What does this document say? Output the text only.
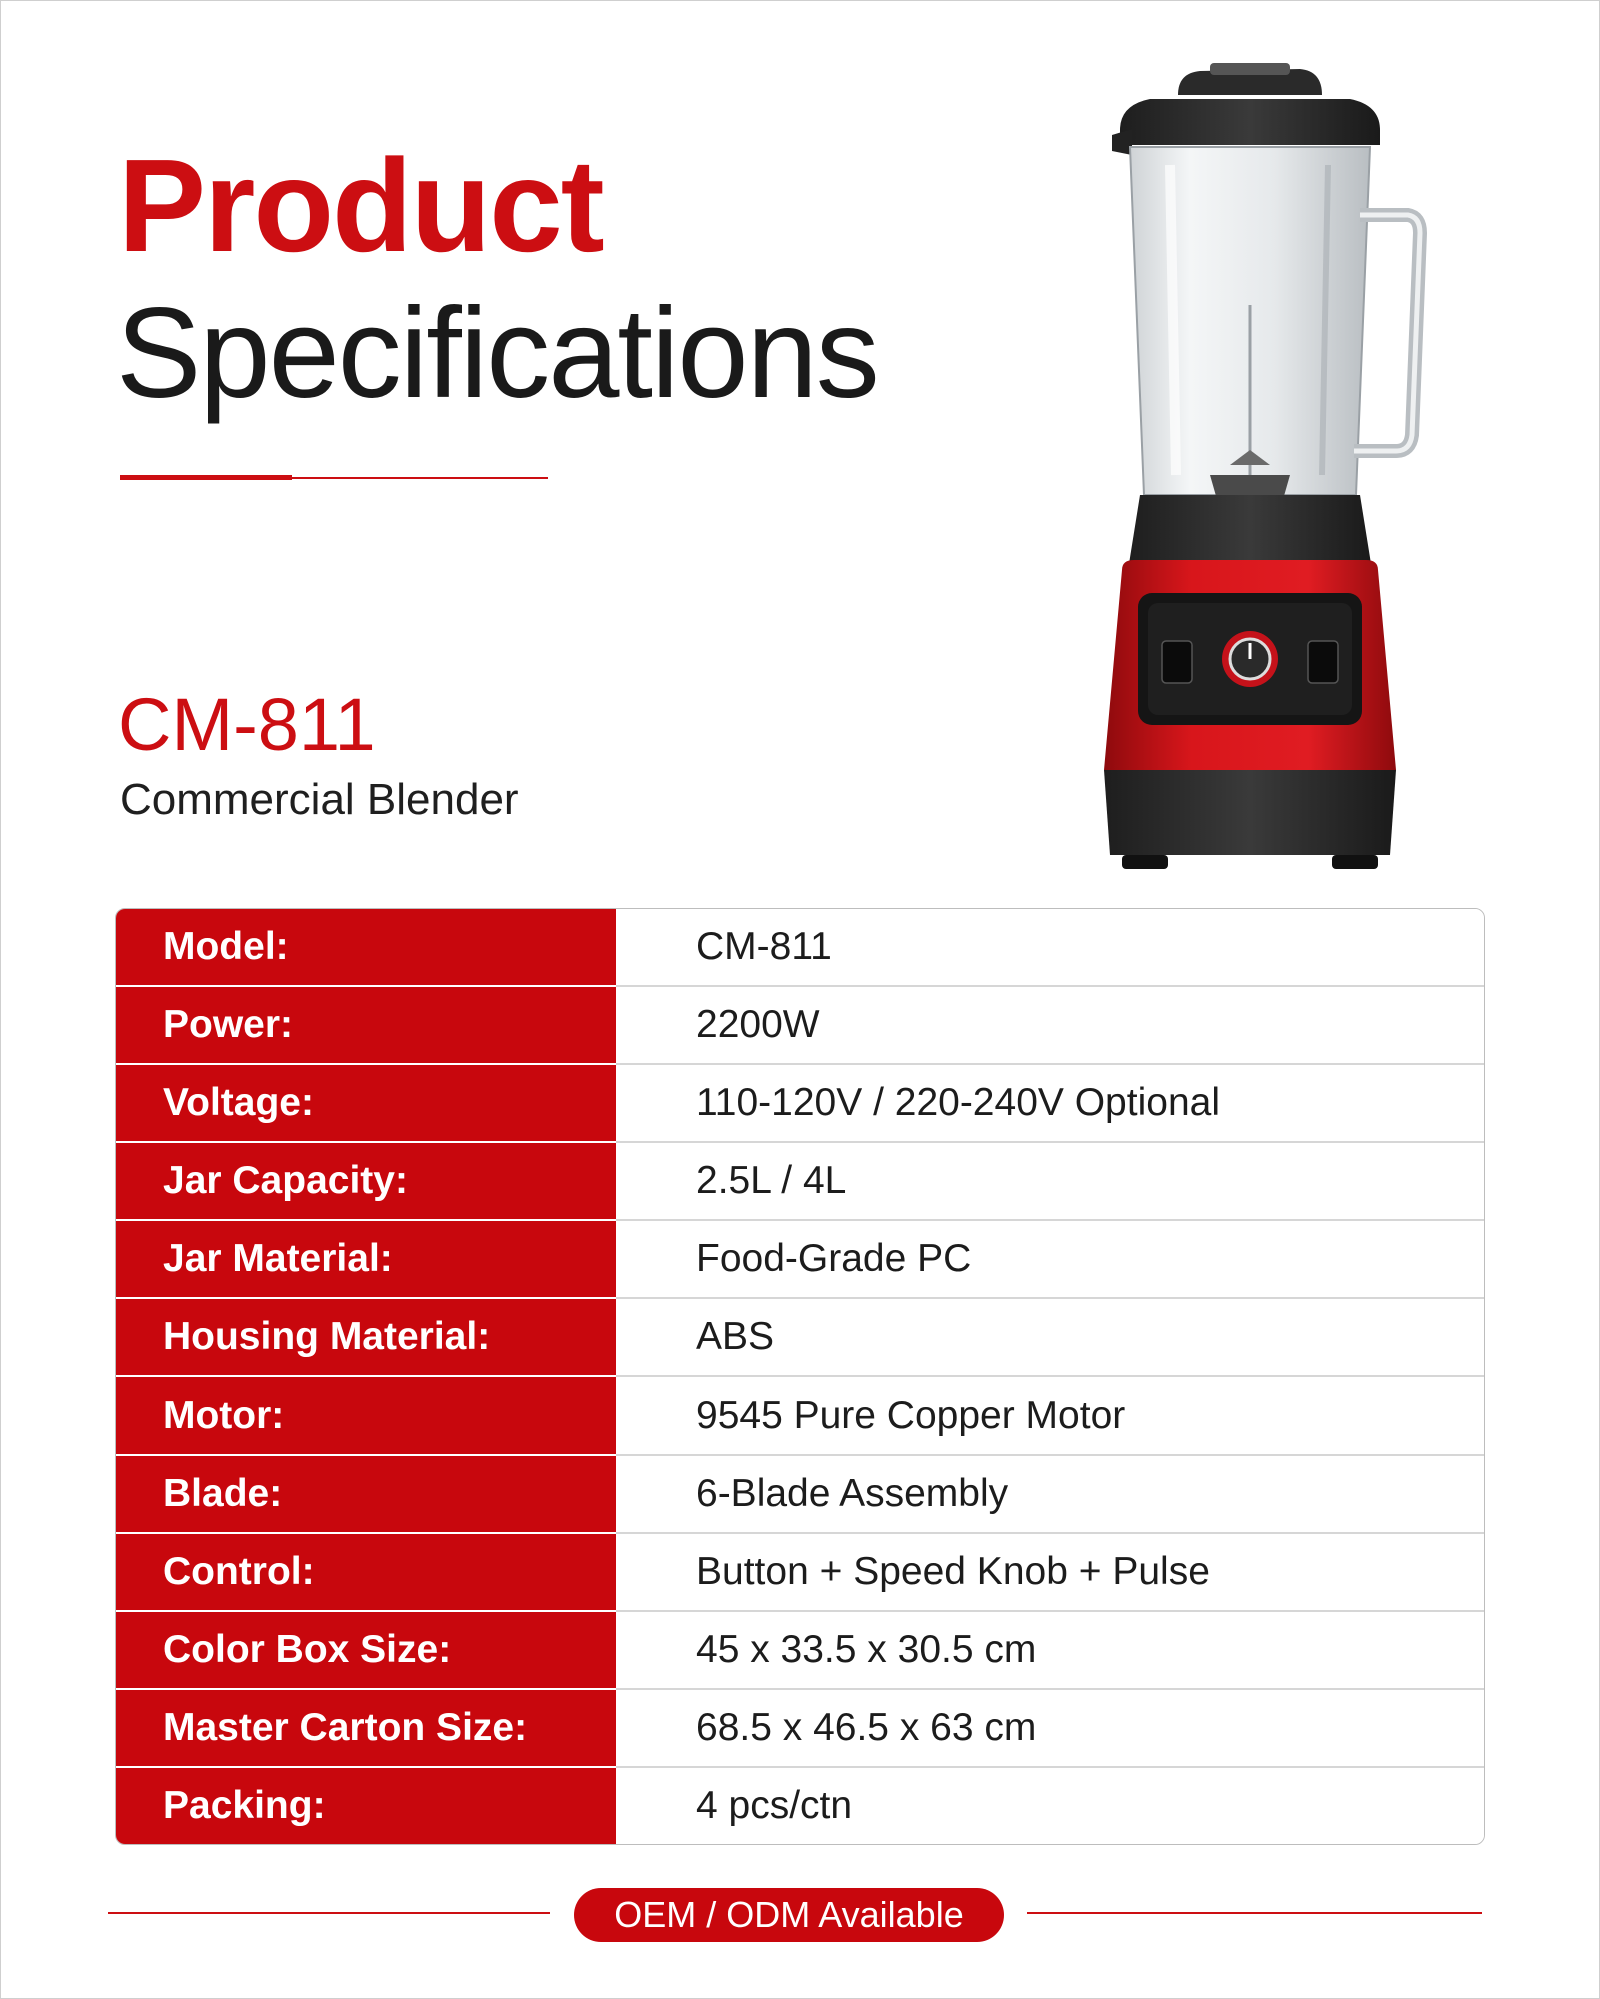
Product
Specifications
CM-811
Commercial Blender
Model:	CM-811
Power:	2200W
Voltage:	110-120V / 220-240V Optional
Jar Capacity:	2.5L / 4L
Jar Material:	Food-Grade PC
Housing Material:	ABS
Motor:	9545 Pure Copper Motor
Blade:	6-Blade Assembly
Control:	Button + Speed Knob + Pulse
Color Box Size:	45 x 33.5 x 30.5 cm
Master Carton Size:	68.5 x 46.5 x 63 cm
Packing:	4 pcs/ctn
OEM / ODM Available
